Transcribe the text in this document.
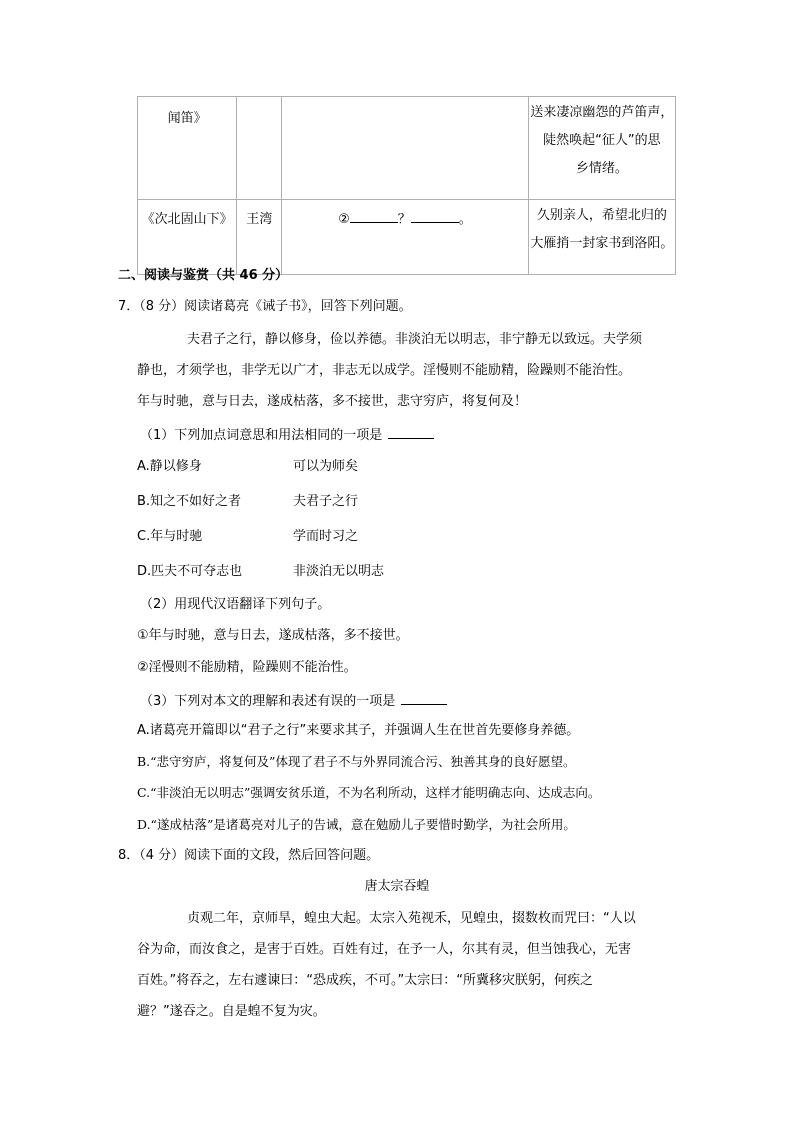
闻笛》			送来凄凉幽怨的芦笛声，
陡然唤起“征人”的思
乡情绪。

《次北固山下》	王湾	② ？ 。	久别亲人，希望北归的
大雁捎一封家书到洛阳。
二、阅读与鉴赏（共 46 分）
7．（8 分）阅读诸葛亮《诫子书》，回答下列问题。
夫君子之行，静以修身，俭以养德。非淡泊无以明志，非宁静无以致远。夫学须
静也，才须学也，非学无以广才，非志无以成学。淫慢则不能励精，险躁则不能治性。
年与时驰，意与日去，遂成枯落，多不接世，悲守穷庐，将复何及！
（1）下列加点词意思和用法相同的一项是
A.静以修身	可以为师矣
B.知之不如好之者	夫君子之行
C.年与时驰	学而时习之
D.匹夫不可夺志也	非淡泊无以明志
（2）用现代汉语翻译下列句子。
①年与时驰，意与日去，遂成枯落，多不接世。
②淫慢则不能励精，险躁则不能治性。
（3）下列对本文的理解和表述有误的一项是
A.诸葛亮开篇即以“君子之行”来要求其子，并强调人生在世首先要修身养德。
B.“悲守穷庐，将复何及”体现了君子不与外界同流合污、独善其身的良好愿望。
C.“非淡泊无以明志”强调安贫乐道，不为名利所动，这样才能明确志向、达成志向。
D.“遂成枯落”是诸葛亮对儿子的告诫，意在勉励儿子要惜时勤学，为社会所用。
8．（4 分）阅读下面的文段，然后回答问题。
唐太宗吞蝗
贞观二年，京师旱，蝗虫大起。太宗入苑视禾，见蝗虫，掇数枚而咒曰：“人以
谷为命，而汝食之，是害于百姓。百姓有过，在予一人，尔其有灵，但当蚀我心，无害
百姓。”将吞之，左右遽谏曰：“恐成疾，不可。”太宗曰：“所冀移灾朕躬，何疾之
避？”遂吞之。自是蝗不复为灾。
